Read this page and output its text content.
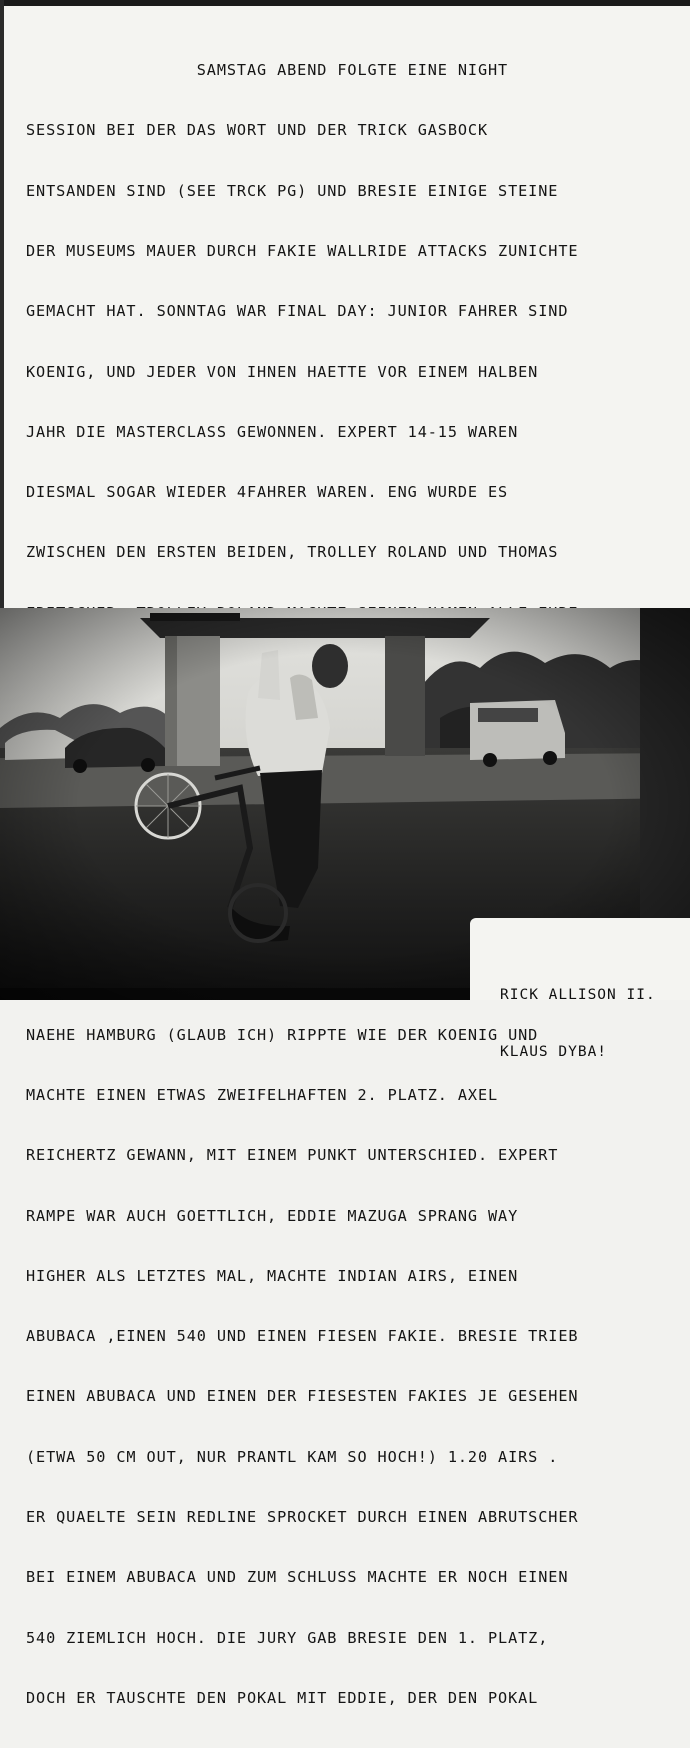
SAMSTAG ABEND FOLGTE EINE NIGHT

SESSION BEI DER DAS WORT UND DER TRICK GASBOCK

ENTSANDEN SIND (SEE TRCK PG) UND BRESIE EINIGE STEINE

DER MUSEUMS MAUER DURCH FAKIE WALLRIDE ATTACKS ZUNICHTE

GEMACHT HAT. SONNTAG WAR FINAL DAY: JUNIOR FAHRER SIND

KOENIG, UND JEDER VON IHNEN HAETTE VOR EINEM HALBEN

JAHR DIE MASTERCLASS GEWONNEN. EXPERT 14-15 WAREN

DIESMAL SOGAR WIEDER 4FAHRER WAREN. ENG WURDE ES

ZWISCHEN DEN ERSTEN BEIDEN, TROLLEY ROLAND UND THOMAS

NAEHE HAMBURG (GLAUB ICH) RIPPTE WIE DER KOENIG UND

MACHTE EINEN ETWAS ZWEIFELHAFTEN 2. PLATZ. AXEL

REICHERTZ GEWANN, MIT EINEM PUNKT UNTERSCHIED. EXPERT

RAMPE WAR AUCH GOETTLICH, EDDIE MAZUGA SPRANG WAY

HIGHER ALS LETZTES MAL, MACHTE INDIAN AIRS, EINEN

ABUBACA ,EINEN 540 UND EINEN FIESEN FAKIE. BRESIE TRIEB

EINEN ABUBACA UND EINEN DER FIESESTEN FAKIES JE GESEHEN

(ETWA 50 CM OUT, NUR PRANTL KAM SO HOCH!) 1.20 AIRS .

ER QUAELTE SEIN REDLINE SPROCKET DURCH EINEN ABRUTSCHER

BEI EINEM ABUBACA UND ZUM SCHLUSS MACHTE ER NOCH EINEN

540 ZIEMLICH HOCH. DIE JURY GAB BRESIE DEN 1. PLATZ,

DOCH ER TAUSCHTE DEN POKAL MIT EDDIE, DER DEN POKAL

RICK ALLISON II.

KLAUS DYBA!
